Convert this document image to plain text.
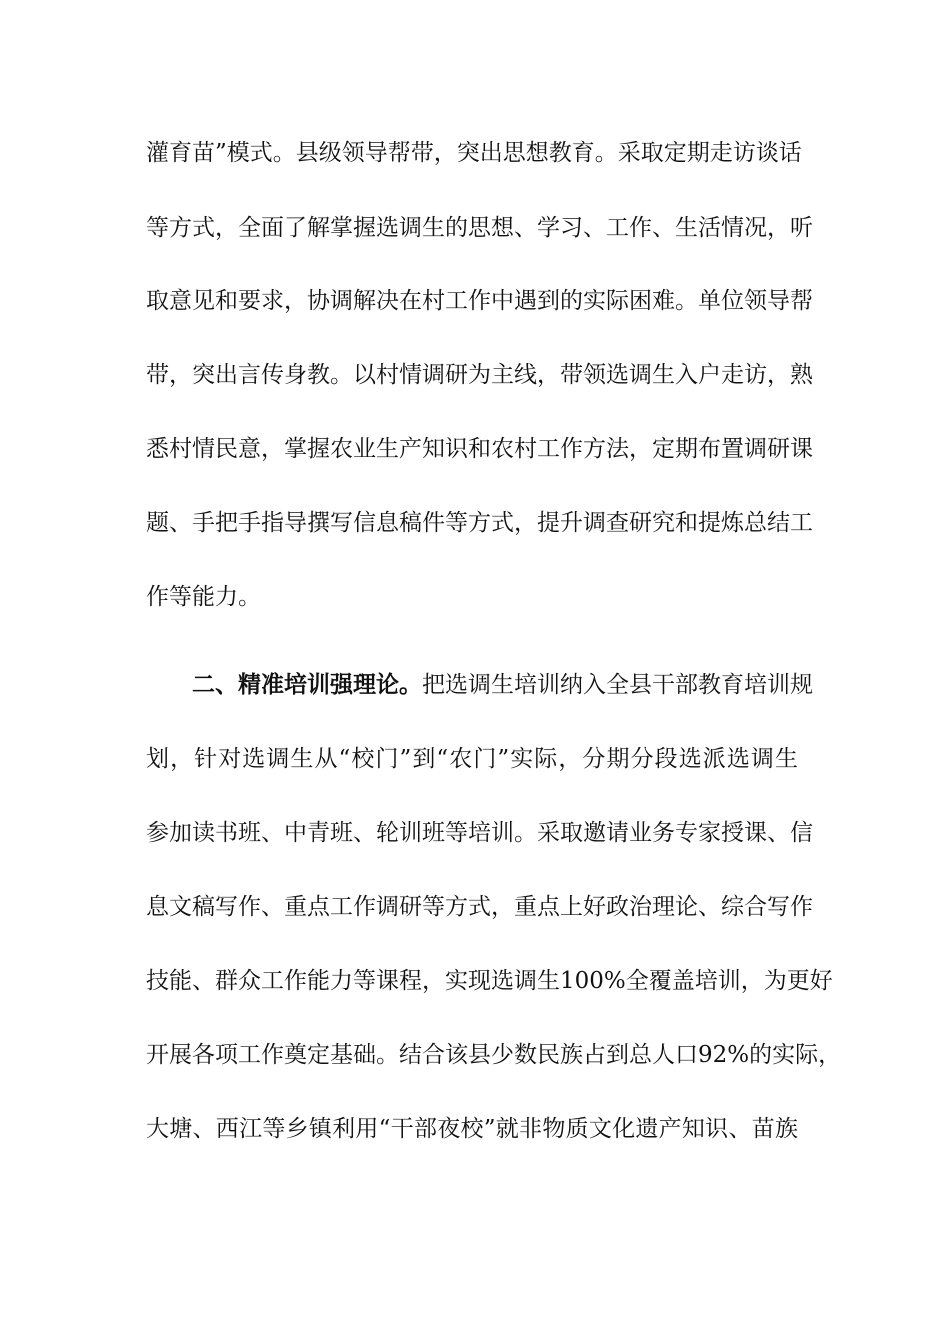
灌育苗”模式。县级领导帮带，突出思想教育。采取定期走访谈话
等方式，全面了解掌握选调生的思想、学习、工作、生活情况，听
取意见和要求，协调解决在村工作中遇到的实际困难。单位领导帮
带，突出言传身教。以村情调研为主线，带领选调生入户走访，熟
悉村情民意，掌握农业生产知识和农村工作方法，定期布置调研课
题、手把手指导撰写信息稿件等方式，提升调查研究和提炼总结工
作等能力。
二、精准培训强理论。把选调生培训纳入全县干部教育培训规
划，针对选调生从“校门”到“农门”实际，分期分段选派选调生
参加读书班、中青班、轮训班等培训。采取邀请业务专家授课、信
息文稿写作、重点工作调研等方式，重点上好政治理论、综合写作
技能、群众工作能力等课程，实现选调生100%全覆盖培训，为更好
开展各项工作奠定基础。结合该县少数民族占到总人口92%的实际，
大塘、西江等乡镇利用“干部夜校”就非物质文化遗产知识、苗族
